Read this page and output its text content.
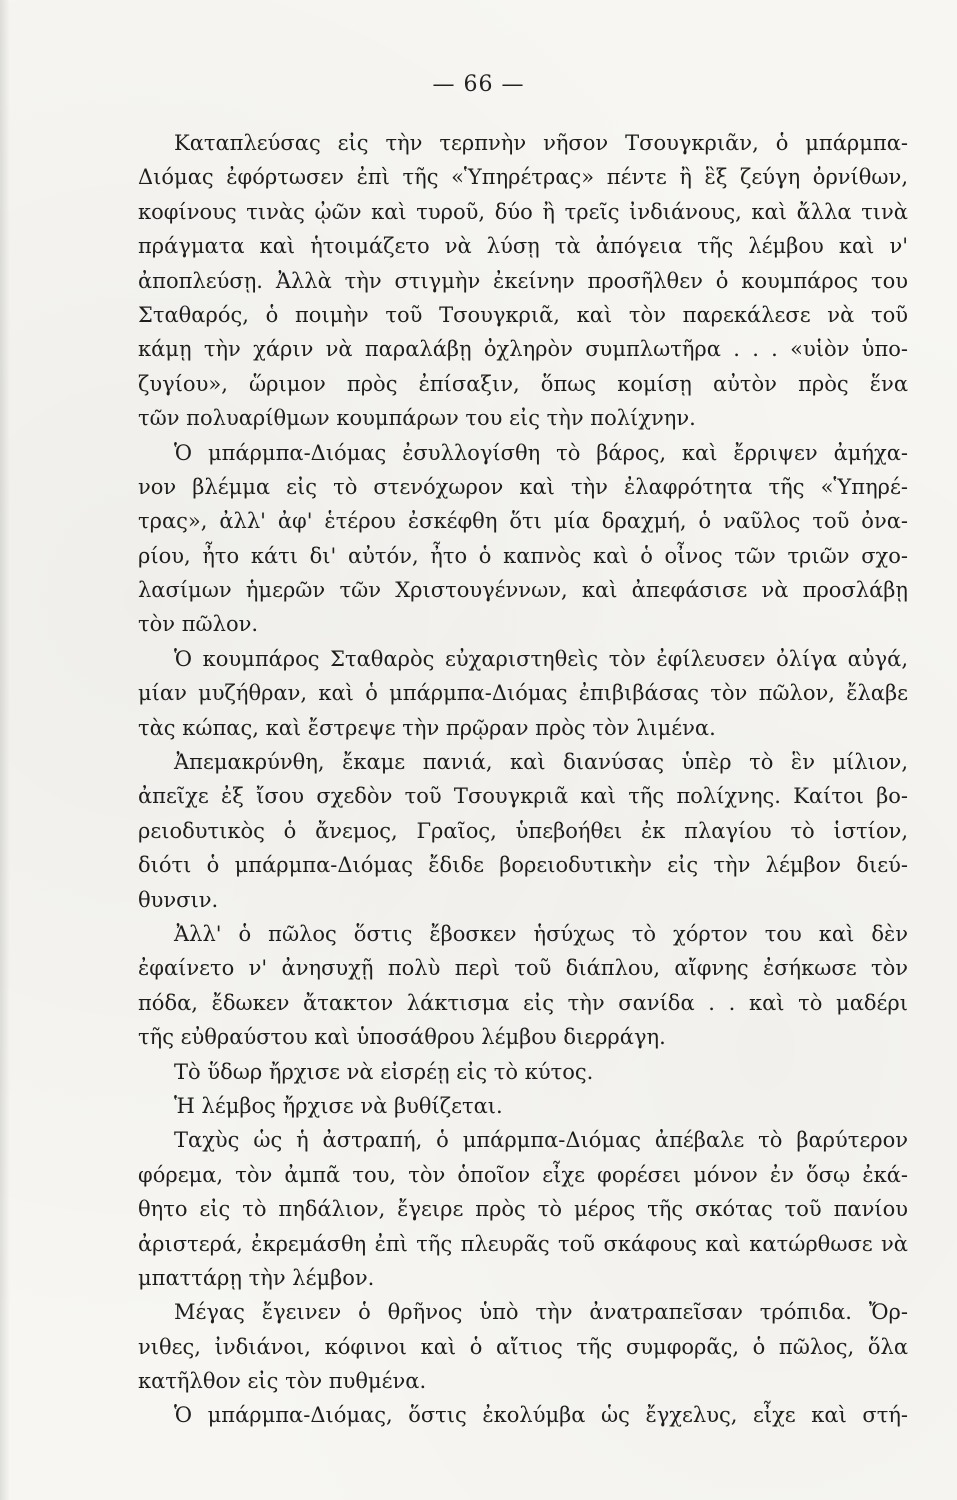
— 66 —
Καταπλεύσας εἰς τὴν τερπνὴν νῆσον Τσουγκριᾶν, ὁ μπάρμπα-
Διόμας ἐφόρτωσεν ἐπὶ τῆς «Ὑπηρέτρας» πέντε ἢ ἓξ ζεύγη ὀρνίθων,
κοφίνους τινὰς ᾠῶν καὶ τυροῦ, δύο ἢ τρεῖς ἰνδιάνους, καὶ ἄλλα τινὰ
πράγματα καὶ ἡτοιμάζετο νὰ λύσῃ τὰ ἀπόγεια τῆς λέμβου καὶ ν'
ἀποπλεύσῃ. Ἀλλὰ τὴν στιγμὴν ἐκείνην προσῆλθεν ὁ κουμπάρος του
Σταθαρός, ὁ ποιμὴν τοῦ Τσουγκριᾶ, καὶ τὸν παρεκάλεσε νὰ τοῦ
κάμῃ τὴν χάριν νὰ παραλάβῃ ὀχληρὸν συμπλωτῆρα . . . «υἱὸν ὑπο-
ζυγίου», ὥριμον πρὸς ἐπίσαξιν, ὅπως κομίσῃ αὐτὸν πρὸς ἕνα
τῶν πολυαρίθμων κουμπάρων του εἰς τὴν πολίχνην.
Ὁ μπάρμπα-Διόμας ἐσυλλογίσθη τὸ βάρος, καὶ ἔρριψεν ἀμήχα-
νον βλέμμα εἰς τὸ στενόχωρον καὶ τὴν ἐλαφρότητα τῆς «Ὑπηρέ-
τρας», ἀλλ' ἀφ' ἑτέρου ἐσκέφθη ὅτι μία δραχμή, ὁ ναῦλος τοῦ ὀνα-
ρίου, ἦτο κάτι δι' αὐτόν, ἦτο ὁ καπνὸς καὶ ὁ οἶνος τῶν τριῶν σχο-
λασίμων ἡμερῶν τῶν Χριστουγέννων, καὶ ἀπεφάσισε νὰ προσλάβῃ
τὸν πῶλον.
Ὁ κουμπάρος Σταθαρὸς εὐχαριστηθεὶς τὸν ἐφίλευσεν ὀλίγα αὐγά,
μίαν μυζήθραν, καὶ ὁ μπάρμπα-Διόμας ἐπιβιβάσας τὸν πῶλον, ἔλαβε
τὰς κώπας, καὶ ἔστρεψε τὴν πρῷραν πρὸς τὸν λιμένα.
Ἀπεμακρύνθη, ἔκαμε πανιά, καὶ διανύσας ὑπὲρ τὸ ἓν μίλιον,
ἀπεῖχε ἐξ ἴσου σχεδὸν τοῦ Τσουγκριᾶ καὶ τῆς πολίχνης. Καίτοι βο-
ρειοδυτικὸς ὁ ἄνεμος, Γραῖος, ὑπεβοήθει ἐκ πλαγίου τὸ ἱστίον,
διότι ὁ μπάρμπα-Διόμας ἔδιδε βορειοδυτικὴν εἰς τὴν λέμβον διεύ-
θυνσιν.
Ἀλλ' ὁ πῶλος ὅστις ἔβοσκεν ἡσύχως τὸ χόρτον του καὶ δὲν
ἐφαίνετο ν' ἀνησυχῇ πολὺ περὶ τοῦ διάπλου, αἴφνης ἐσήκωσε τὸν
πόδα, ἔδωκεν ἄτακτον λάκτισμα εἰς τὴν σανίδα . . καὶ τὸ μαδέρι
τῆς εὐθραύστου καὶ ὑποσάθρου λέμβου διερράγη.
Τὸ ὕδωρ ἤρχισε νὰ εἰσρέῃ εἰς τὸ κύτος.
Ἡ λέμβος ἤρχισε νὰ βυθίζεται.
Ταχὺς ὡς ἡ ἀστραπή, ὁ μπάρμπα-Διόμας ἀπέβαλε τὸ βαρύτερον
φόρεμα, τὸν ἀμπᾶ του, τὸν ὁποῖον εἶχε φορέσει μόνον ἐν ὅσῳ ἐκά-
θητο εἰς τὸ πηδάλιον, ἔγειρε πρὸς τὸ μέρος τῆς σκότας τοῦ πανίου
ἀριστερά, ἐκρεμάσθη ἐπὶ τῆς πλευρᾶς τοῦ σκάφους καὶ κατώρθωσε νὰ
μπαττάρῃ τὴν λέμβον.
Μέγας ἔγεινεν ὁ θρῆνος ὑπὸ τὴν ἀνατραπεῖσαν τρόπιδα. Ὄρ-
νιθες, ἰνδιάνοι, κόφινοι καὶ ὁ αἴτιος τῆς συμφορᾶς, ὁ πῶλος, ὅλα
κατῆλθον εἰς τὸν πυθμένα.
Ὁ μπάρμπα-Διόμας, ὅστις ἐκολύμβα ὡς ἔγχελυς, εἶχε καὶ στή-
